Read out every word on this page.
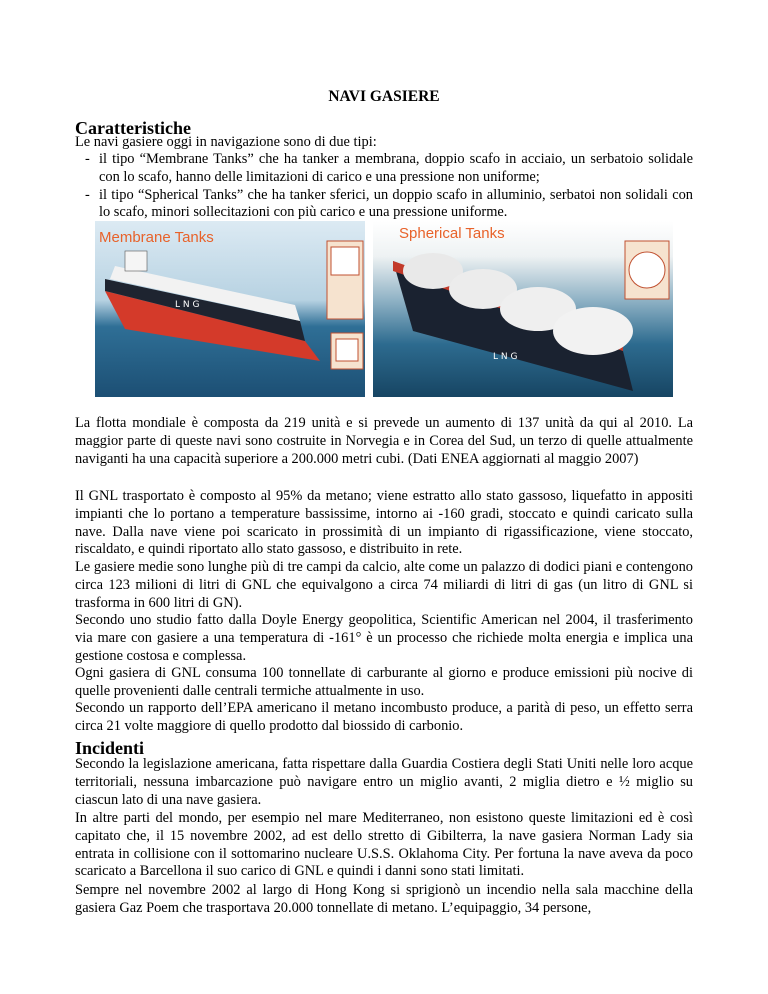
NAVI GASIERE
Caratteristiche

Le navi gasiere oggi in navigazione sono di due tipi:

- il tipo “Membrane Tanks” che ha tanker a membrana, doppio scafo in acciaio, un serbatoio solidale con lo scafo, hanno delle limitazioni di carico e una pressione non uniforme;
- il tipo “Spherical Tanks” che ha tanker sferici, un doppio scafo in alluminio, serbatoi non solidali con lo scafo, minori sollecitazioni con più carico e una pressione uniforme.
L N G
Membrane Tanks
L N G
Spherical Tanks

La flotta mondiale è composta da 219 unità e si prevede un aumento di 137 unità da qui al 2010. La maggior parte di queste navi sono costruite in Norvegia e in Corea del Sud, un terzo di quelle attualmente naviganti ha una capacità superiore a 200.000 metri cubi. (Dati ENEA aggiornati al maggio 2007)

Il GNL trasportato è composto al 95% da metano; viene estratto allo stato gassoso, liquefatto in appositi impianti che lo portano a temperature bassissime, intorno ai -160 gradi, stoccato e quindi caricato sulla nave. Dalla nave viene poi scaricato in prossimità di un impianto di rigassificazione, viene stoccato, riscaldato, e quindi riportato allo stato gassoso, e distribuito in rete.

Le gasiere medie sono lunghe più di tre campi da calcio, alte come un palazzo di dodici piani e contengono circa 123 milioni di litri di GNL che equivalgono a circa 74 miliardi di litri di gas (un litro di GNL si trasforma in 600 litri di GN).

Secondo uno studio fatto dalla Doyle Energy geopolitica, Scientific American nel 2004, il trasferimento via mare con gasiere a una temperatura di -161° è un processo che richiede molta energia e implica una gestione costosa e complessa.

Ogni gasiera di GNL consuma 100 tonnellate di carburante al giorno e produce emissioni più nocive di quelle provenienti dalle centrali termiche attualmente in uso.

Secondo un rapporto dell’EPA americano il metano incombusto produce, a parità di peso, un effetto serra circa 21 volte maggiore di quello prodotto dal biossido di carbonio.

Incidenti

Secondo la legislazione americana, fatta rispettare dalla Guardia Costiera degli Stati Uniti nelle loro acque territoriali, nessuna imbarcazione può navigare entro un miglio avanti, 2 miglia dietro e ½ miglio su ciascun lato di una nave gasiera.

In altre parti del mondo, per esempio nel mare Mediterraneo, non esistono queste limitazioni ed è così capitato che, il 15 novembre 2002, ad est dello stretto di Gibilterra, la nave gasiera Norman Lady sia entrata in collisione con il sottomarino nucleare U.S.S. Oklahoma City. Per fortuna la nave aveva da poco scaricato a Barcellona il suo carico di GNL e quindi i danni sono stati limitati.

Sempre nel novembre 2002 al largo di Hong Kong si sprigionò un incendio nella sala macchine della gasiera Gaz Poem che trasportava 20.000 tonnellate di metano. L’equipaggio, 34 persone,
